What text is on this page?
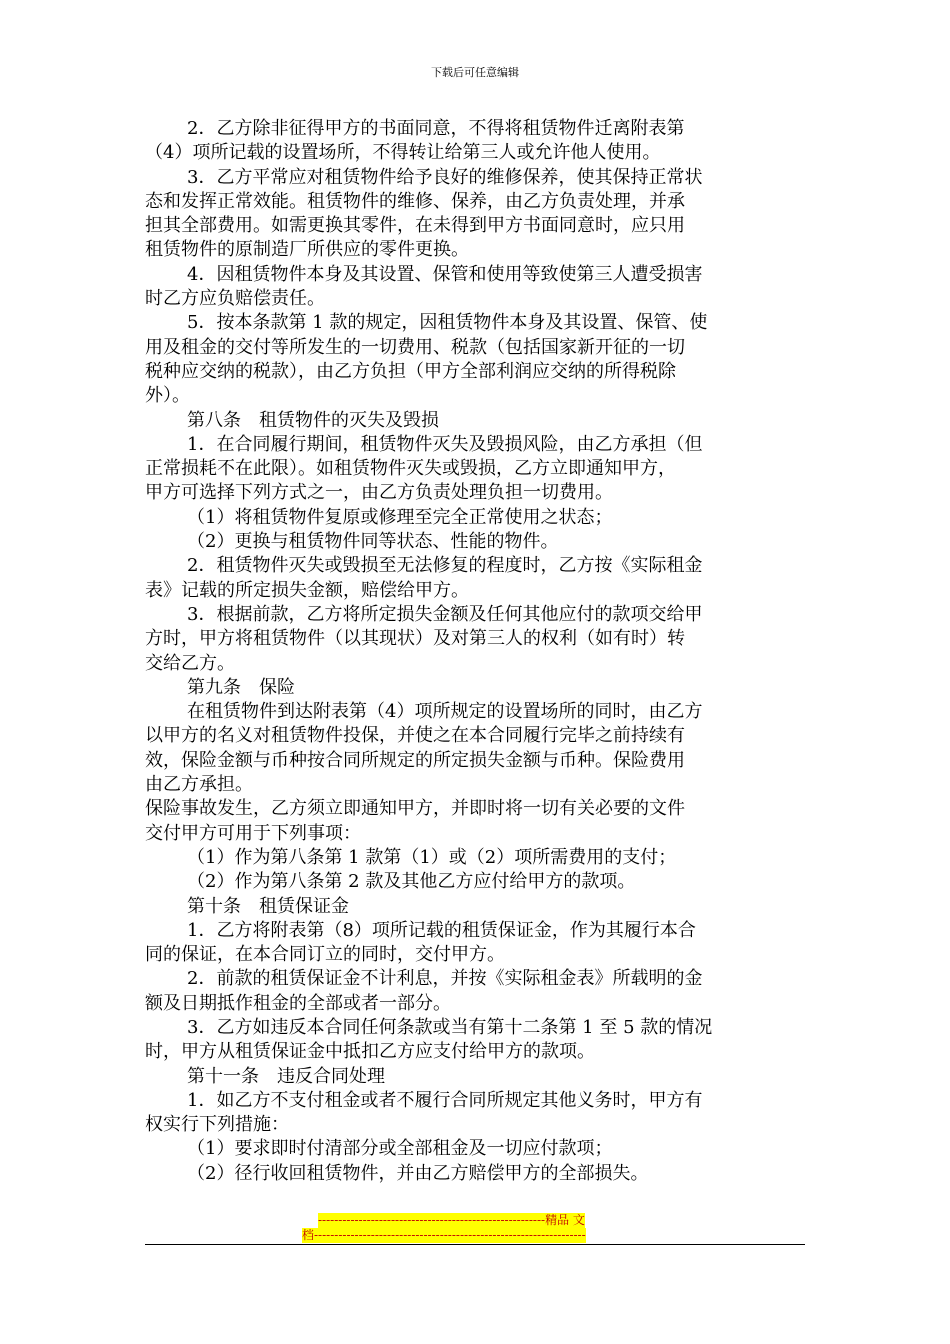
下载后可任意编辑

2．乙方除非征得甲方的书面同意，不得将租赁物件迁离附表第

（4）项所记载的设置场所，不得转让给第三人或允许他人使用。

3．乙方平常应对租赁物件给予良好的维修保养，使其保持正常状

态和发挥正常效能。租赁物件的维修、保养，由乙方负责处理，并承

担其全部费用。如需更换其零件，在未得到甲方书面同意时，应只用

租赁物件的原制造厂所供应的零件更换。

4．因租赁物件本身及其设置、保管和使用等致使第三人遭受损害

时乙方应负赔偿责任。

5．按本条款第 1 款的规定，因租赁物件本身及其设置、保管、使

用及租金的交付等所发生的一切费用、税款（包括国家新开征的一切

税种应交纳的税款），由乙方负担（甲方全部利润应交纳的所得税除

外）。

第八条　租赁物件的灭失及毁损

1．在合同履行期间，租赁物件灭失及毁损风险，由乙方承担（但

正常损耗不在此限）。如租赁物件灭失或毁损，乙方立即通知甲方，

甲方可选择下列方式之一，由乙方负责处理负担一切费用。

（1）将租赁物件复原或修理至完全正常使用之状态；

（2）更换与租赁物件同等状态、性能的物件。

2．租赁物件灭失或毁损至无法修复的程度时，乙方按《实际租金

表》记载的所定损失金额，赔偿给甲方。

3．根据前款，乙方将所定损失金额及任何其他应付的款项交给甲

方时，甲方将租赁物件（以其现状）及对第三人的权利（如有时）转

交给乙方。

第九条　保险

在租赁物件到达附表第（4）项所规定的设置场所的同时，由乙方

以甲方的名义对租赁物件投保，并使之在本合同履行完毕之前持续有

效，保险金额与币种按合同所规定的所定损失金额与币种。保险费用

由乙方承担。

保险事故发生，乙方须立即通知甲方，并即时将一切有关必要的文件

交付甲方可用于下列事项：

（1）作为第八条第 1 款第（1）或（2）项所需费用的支付；

（2）作为第八条第 2 款及其他乙方应付给甲方的款项。

第十条　租赁保证金

1．乙方将附表第（8）项所记载的租赁保证金，作为其履行本合

同的保证，在本合同订立的同时，交付甲方。

2．前款的租赁保证金不计利息，并按《实际租金表》所载明的金

额及日期抵作租金的全部或者一部分。

3．乙方如违反本合同任何条款或当有第十二条第 1 至 5 款的情况

时，甲方从租赁保证金中抵扣乙方应支付给甲方的款项。

第十一条　违反合同处理

1．如乙方不支付租金或者不履行合同所规定其他义务时，甲方有

权实行下列措施：

（1）要求即时付清部分或全部租金及一切应付款项；

（2）径行收回租赁物件，并由乙方赔偿甲方的全部损失。

--------------------------------------------------------精品 文
档-------------------------------------------------------------------
